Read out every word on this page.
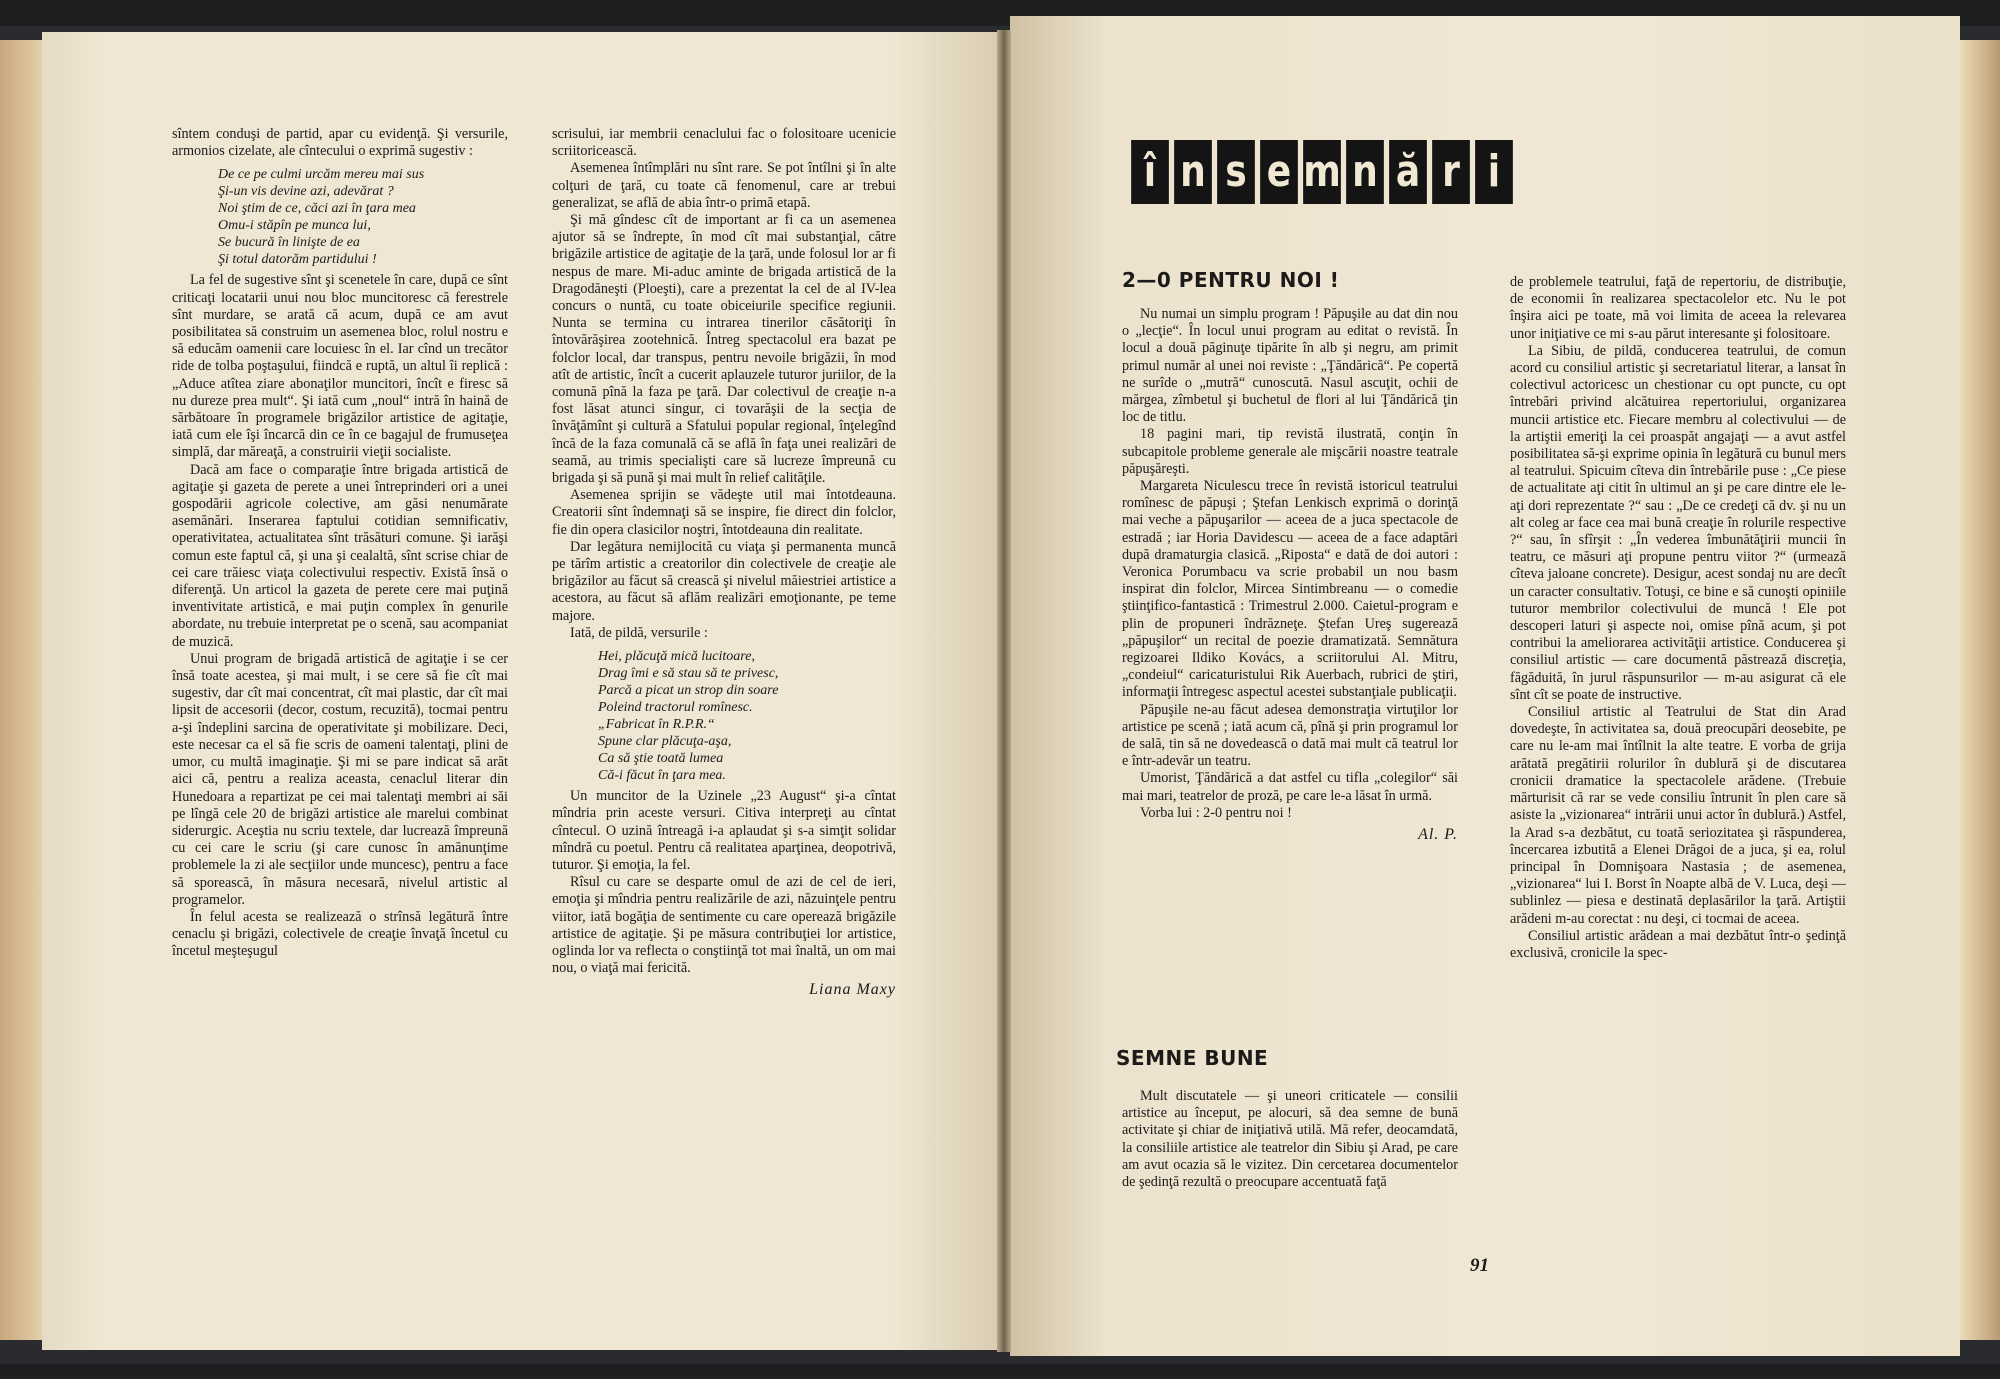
sîntem conduşi de partid, apar cu evidenţă. Şi versurile, armonios cizelate, ale cîntecului o exprimă sugestiv :

De ce pe culmi urcăm mereu mai sus
Şi-un vis devine azi, adevărat ?
Noi ştim de ce, căci azi în ţara mea
Omu-i stăpîn pe munca lui,
Se bucură în linişte de ea
Şi totul datorăm partidului !

La fel de sugestive sînt şi scenetele în care, după ce sînt criticaţi locatarii unui nou bloc muncitoresc că ferestrele sînt murdare, se arată că acum, după ce am avut posibilitatea să construim un asemenea bloc, rolul nostru e să educăm oamenii care locuiesc în el. Iar cînd un trecător ride de tolba poştaşului, fiindcă e ruptă, un altul îi replică : „Aduce atîtea ziare abonaţilor muncitori, încît e firesc să nu dureze prea mult“. Şi iată cum „noul“ intră în haină de sărbătoare în programele brigăzilor artistice de agitaţie, iată cum ele îşi încarcă din ce în ce bagajul de frumuseţea simplă, dar măreaţă, a construirii vieţii socialiste.

Dacă am face o comparaţie între brigada artistică de agitaţie şi gazeta de perete a unei întreprinderi ori a unei gospodării agricole colective, am găsi nenumărate asemănări. Inserarea faptului cotidian semnificativ, operativitatea, actualitatea sînt trăsături comune. Şi iarăşi comun este faptul că, şi una şi cealaltă, sînt scrise chiar de cei care trăiesc viaţa colectivului respectiv. Există însă o diferenţă. Un articol la gazeta de perete cere mai puţină inventivitate artistică, e mai puţin complex în genurile abordate, nu trebuie interpretat pe o scenă, sau acompaniat de muzică.

Unui program de brigadă artistică de agitaţie i se cer însă toate acestea, şi mai mult, i se cere să fie cît mai sugestiv, dar cît mai concentrat, cît mai plastic, dar cît mai lipsit de accesorii (decor, costum, recuzită), tocmai pentru a-şi îndeplini sarcina de operativitate şi mobilizare. Deci, este necesar ca el să fie scris de oameni talentaţi, plini de umor, cu multă imaginaţie. Şi mi se pare indicat să arăt aici că, pentru a realiza aceasta, cenaclul literar din Hunedoara a repartizat pe cei mai talentaţi membri ai săi pe lîngă cele 20 de brigăzi artistice ale marelui combinat siderurgic. Aceştia nu scriu textele, dar lucrează împreună cu cei care le scriu (şi care cunosc în amănunţime problemele la zi ale secţiilor unde muncesc), pentru a face să sporească, în măsura necesară, nivelul artistic al programelor.

În felul acesta se realizează o strînsă legătură între cenaclu şi brigăzi, colectivele de creaţie învaţă încetul cu încetul meşteşugul

scrisului, iar membrii cenaclului fac o folositoare ucenicie scriitoricească.

Asemenea întîmplări nu sînt rare. Se pot întîlni şi în alte colţuri de ţară, cu toate că fenomenul, care ar trebui generalizat, se află de abia într-o primă etapă.

Şi mă gîndesc cît de important ar fi ca un asemenea ajutor să se îndrepte, în mod cît mai substanţial, către brigăzile artistice de agitaţie de la ţară, unde folosul lor ar fi nespus de mare. Mi-aduc aminte de brigada artistică de la Dragodăneşti (Ploeşti), care a prezentat la cel de al IV-lea concurs o nuntă, cu toate obiceiurile specifice regiunii. Nunta se termina cu intrarea tinerilor căsătoriţi în întovărăşirea zootehnică. Întreg spectacolul era bazat pe folclor local, dar transpus, pentru nevoile brigăzii, în mod atît de artistic, încît a cucerit aplauzele tuturor juriilor, de la comună pînă la faza pe ţară. Dar colectivul de creaţie n-a fost lăsat atunci singur, ci tovarăşii de la secţia de învăţămînt şi cultură a Sfatului popular regional, înţelegînd încă de la faza comunală că se află în faţa unei realizări de seamă, au trimis specialişti care să lucreze împreună cu brigada şi să pună şi mai mult în relief calităţile.

Asemenea sprijin se vădeşte util mai întotdeauna. Creatorii sînt îndemnaţi să se inspire, fie direct din folclor, fie din opera clasicilor noştri, întotdeauna din realitate.

Dar legătura nemijlocită cu viaţa şi permanenta muncă pe tărîm artistic a creatorilor din colectivele de creaţie ale brigăzilor au făcut să crească şi nivelul măiestriei artistice a acestora, au făcut să aflăm realizări emoţionante, pe teme majore.

Iată, de pildă, versurile :

Hei, plăcuţă mică lucitoare,
Drag îmi e să stau să te privesc,
Parcă a picat un strop din soare
Poleind tractorul romînesc.
„Fabricat în R.P.R.“
Spune clar plăcuţa-aşa,
Ca să ştie toată lumea
Că-i făcut în ţara mea.

Un muncitor de la Uzinele „23 August“ şi-a cîntat mîndria prin aceste versuri. Citiva interpreţi au cîntat cîntecul. O uzină întreagă i-a aplaudat şi s-a simţit solidar mîndră cu poetul. Pentru că realitatea aparţinea, deopotrivă, tuturor. Şi emoţia, la fel.

Rîsul cu care se desparte omul de azi de cel de ieri, emoţia şi mîndria pentru realizările de azi, năzuinţele pentru viitor, iată bogăţia de sentimente cu care operează brigăzile artistice de agitaţie. Şi pe măsura contribuţiei lor artistice, oglinda lor va reflecta o conştiinţă tot mai înaltă, un om mai nou, o viaţă mai fericită.

Liana Maxy
î n s e m n ă r i
2—0 PENTRU NOI !

Nu numai un simplu program ! Păpuşile au dat din nou o „lecţie“. În locul unui program au editat o revistă. În locul a două păginuţe tipărite în alb şi negru, am primit primul număr al unei noi reviste : „Ţăndărică“. Pe copertă ne surîde o „mutră“ cunoscută. Nasul ascuţit, ochii de mărgea, zîmbetul şi buchetul de flori al lui Ţăndărică ţin loc de titlu.

18 pagini mari, tip revistă ilustrată, conţin în subcapitole probleme generale ale mişcării noastre teatrale păpuşăreşti.

Margareta Niculescu trece în revistă istoricul teatrului romînesc de păpuşi ; Ştefan Lenkisch exprimă o dorinţă mai veche a păpuşarilor — aceea de a juca spectacole de estradă ; iar Horia Davidescu — aceea de a face adaptări după dramaturgia clasică. „Riposta“ e dată de doi autori : Veronica Porumbacu va scrie probabil un nou basm inspirat din folclor, Mircea Sintimbreanu — o comedie ştiinţifico-fantastică : Trimestrul 2.000. Caietul-program e plin de propuneri îndrăzneţe. Ştefan Ureş sugerează „păpuşilor“ un recital de poezie dramatizată. Semnătura regizoarei Ildiko Kovács, a scriitorului Al. Mitru, „condeiul“ caricaturistului Rik Auerbach, rubrici de ştiri, informaţii întregesc aspectul acestei substanţiale publicaţii.

Păpuşile ne-au făcut adesea demonstraţia virtuţilor lor artistice pe scenă ; iată acum că, pînă şi prin programul lor de sală, tin să ne dovedească o dată mai mult că teatrul lor e într-adevăr un teatru.

Umorist, Ţăndărică a dat astfel cu tifla „colegilor“ săi mai mari, teatrelor de proză, pe care le-a lăsat în urmă.

Vorba lui : 2-0 pentru noi !

Al. P.
SEMNE BUNE

Mult discutatele — şi uneori criticatele — consilii artistice au început, pe alocuri, să dea semne de bună activitate şi chiar de iniţiativă utilă. Mă refer, deocamdată, la consiliile artistice ale teatrelor din Sibiu şi Arad, pe care am avut ocazia să le vizitez. Din cercetarea documentelor de şedinţă rezultă o preocupare accentuată faţă

de problemele teatrului, faţă de repertoriu, de distribuţie, de economii în realizarea spectacolelor etc. Nu le pot înşira aici pe toate, mă voi limita de aceea la relevarea unor iniţiative ce mi s-au părut interesante şi folositoare.

La Sibiu, de pildă, conducerea teatrului, de comun acord cu consiliul artistic şi secretariatul literar, a lansat în colectivul actoricesc un chestionar cu opt puncte, cu opt întrebări privind alcătuirea repertoriului, organizarea muncii artistice etc. Fiecare membru al colectivului — de la artiştii emeriţi la cei proaspăt angajaţi — a avut astfel posibilitatea să-şi exprime opinia în legătură cu bunul mers al teatrului. Spicuim cîteva din întrebările puse : „Ce piese de actualitate aţi citit în ultimul an şi pe care dintre ele le-aţi dori reprezentate ?“ sau : „De ce credeţi că dv. şi nu un alt coleg ar face cea mai bună creaţie în rolurile respective ?“ sau, în sfîrşit : „În vederea îmbunătăţirii muncii în teatru, ce măsuri aţi propune pentru viitor ?“ (urmează cîteva jaloane concrete). Desigur, acest sondaj nu are decît un caracter consultativ. Totuşi, ce bine e să cunoşti opiniile tuturor membrilor colectivului de muncă ! Ele pot descoperi laturi şi aspecte noi, omise pînă acum, şi pot contribui la ameliorarea activităţii artistice. Conducerea şi consiliul artistic — care documentă păstrează discreţia, făgăduită, în jurul răspunsurilor — m-au asigurat că ele sînt cît se poate de instructive.

Consiliul artistic al Teatrului de Stat din Arad dovedeşte, în activitatea sa, două preocupări deosebite, pe care nu le-am mai întîlnit la alte teatre. E vorba de grija arătată pregătirii rolurilor în dublură şi de discutarea cronicii dramatice la spectacolele arădene. (Trebuie mărturisit că rar se vede consiliu întrunit în plen care să asiste la „vizionarea“ intrării unui actor în dublură.) Astfel, la Arad s-a dezbătut, cu toată seriozitatea şi răspunderea, încercarea izbutită a Elenei Drăgoi de a juca, şi ea, rolul principal în Domnişoara Nastasia ; de asemenea, „vizionarea“ lui I. Borst în Noapte albă de V. Luca, deşi — sublinlez — piesa e destinată deplasărilor la ţară. Artiştii arădeni m-au corectat : nu deşi, ci tocmai de aceea.

Consiliul artistic arădean a mai dezbătut într-o şedinţă exclusivă, cronicile la spec-

91
